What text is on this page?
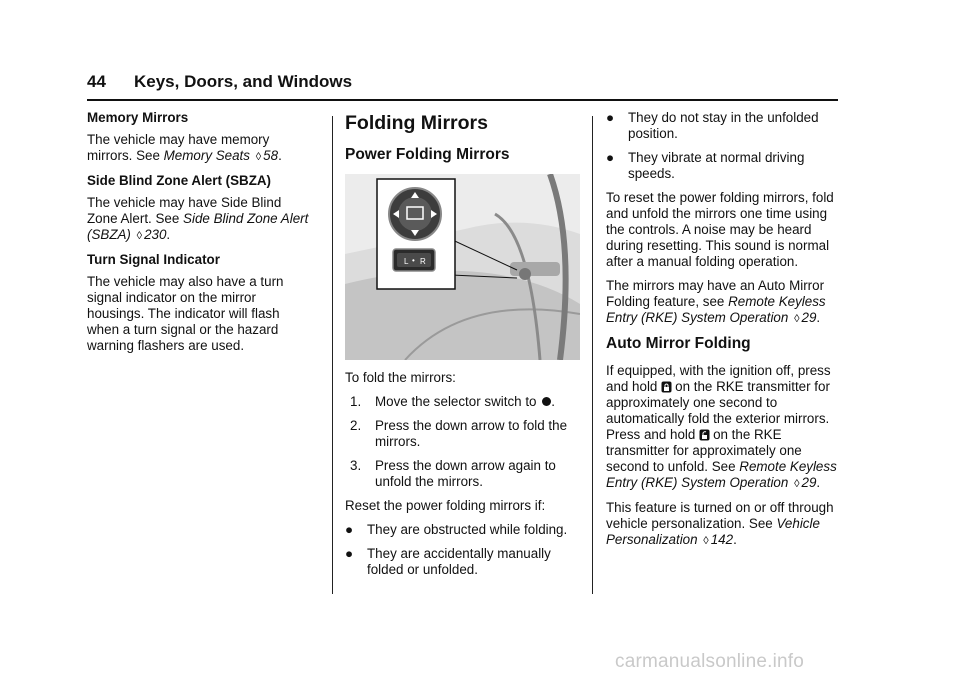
44 Keys, Doors, and Windows

Memory Mirrors

The vehicle may have memory mirrors. See Memory Seats ◊ 58.

Side Blind Zone Alert (SBZA)

The vehicle may have Side Blind Zone Alert. See Side Blind Zone Alert (SBZA) ◊ 230.

Turn Signal Indicator

The vehicle may also have a turn signal indicator on the mirror housings. The indicator will flash when a turn signal or the hazard warning flashers are used.

Folding Mirrors

Power Folding Mirrors

L • R

To fold the mirrors:

1. Move the selector switch to .
2. Press the down arrow to fold the mirrors.
3. Press the down arrow again to unfold the mirrors.

Reset the power folding mirrors if:

● They are obstructed while folding.
● They are accidentally manually folded or unfolded.
● They do not stay in the unfolded position.
● They vibrate at normal driving speeds.

To reset the power folding mirrors, fold and unfold the mirrors one time using the controls. A noise may be heard during resetting. This sound is normal after a manual folding operation.

The mirrors may have an Auto Mirror Folding feature, see Remote Keyless Entry (RKE) System Operation ◊ 29.

Auto Mirror Folding

If equipped, with the ignition off, press and hold on the RKE transmitter for approximately one second to automatically fold the exterior mirrors. Press and hold on the RKE transmitter for approximately one second to unfold. See Remote Keyless Entry (RKE) System Operation ◊ 29.

This feature is turned on or off through vehicle personalization. See Vehicle Personalization ◊ 142.

carmanualsonline.info
